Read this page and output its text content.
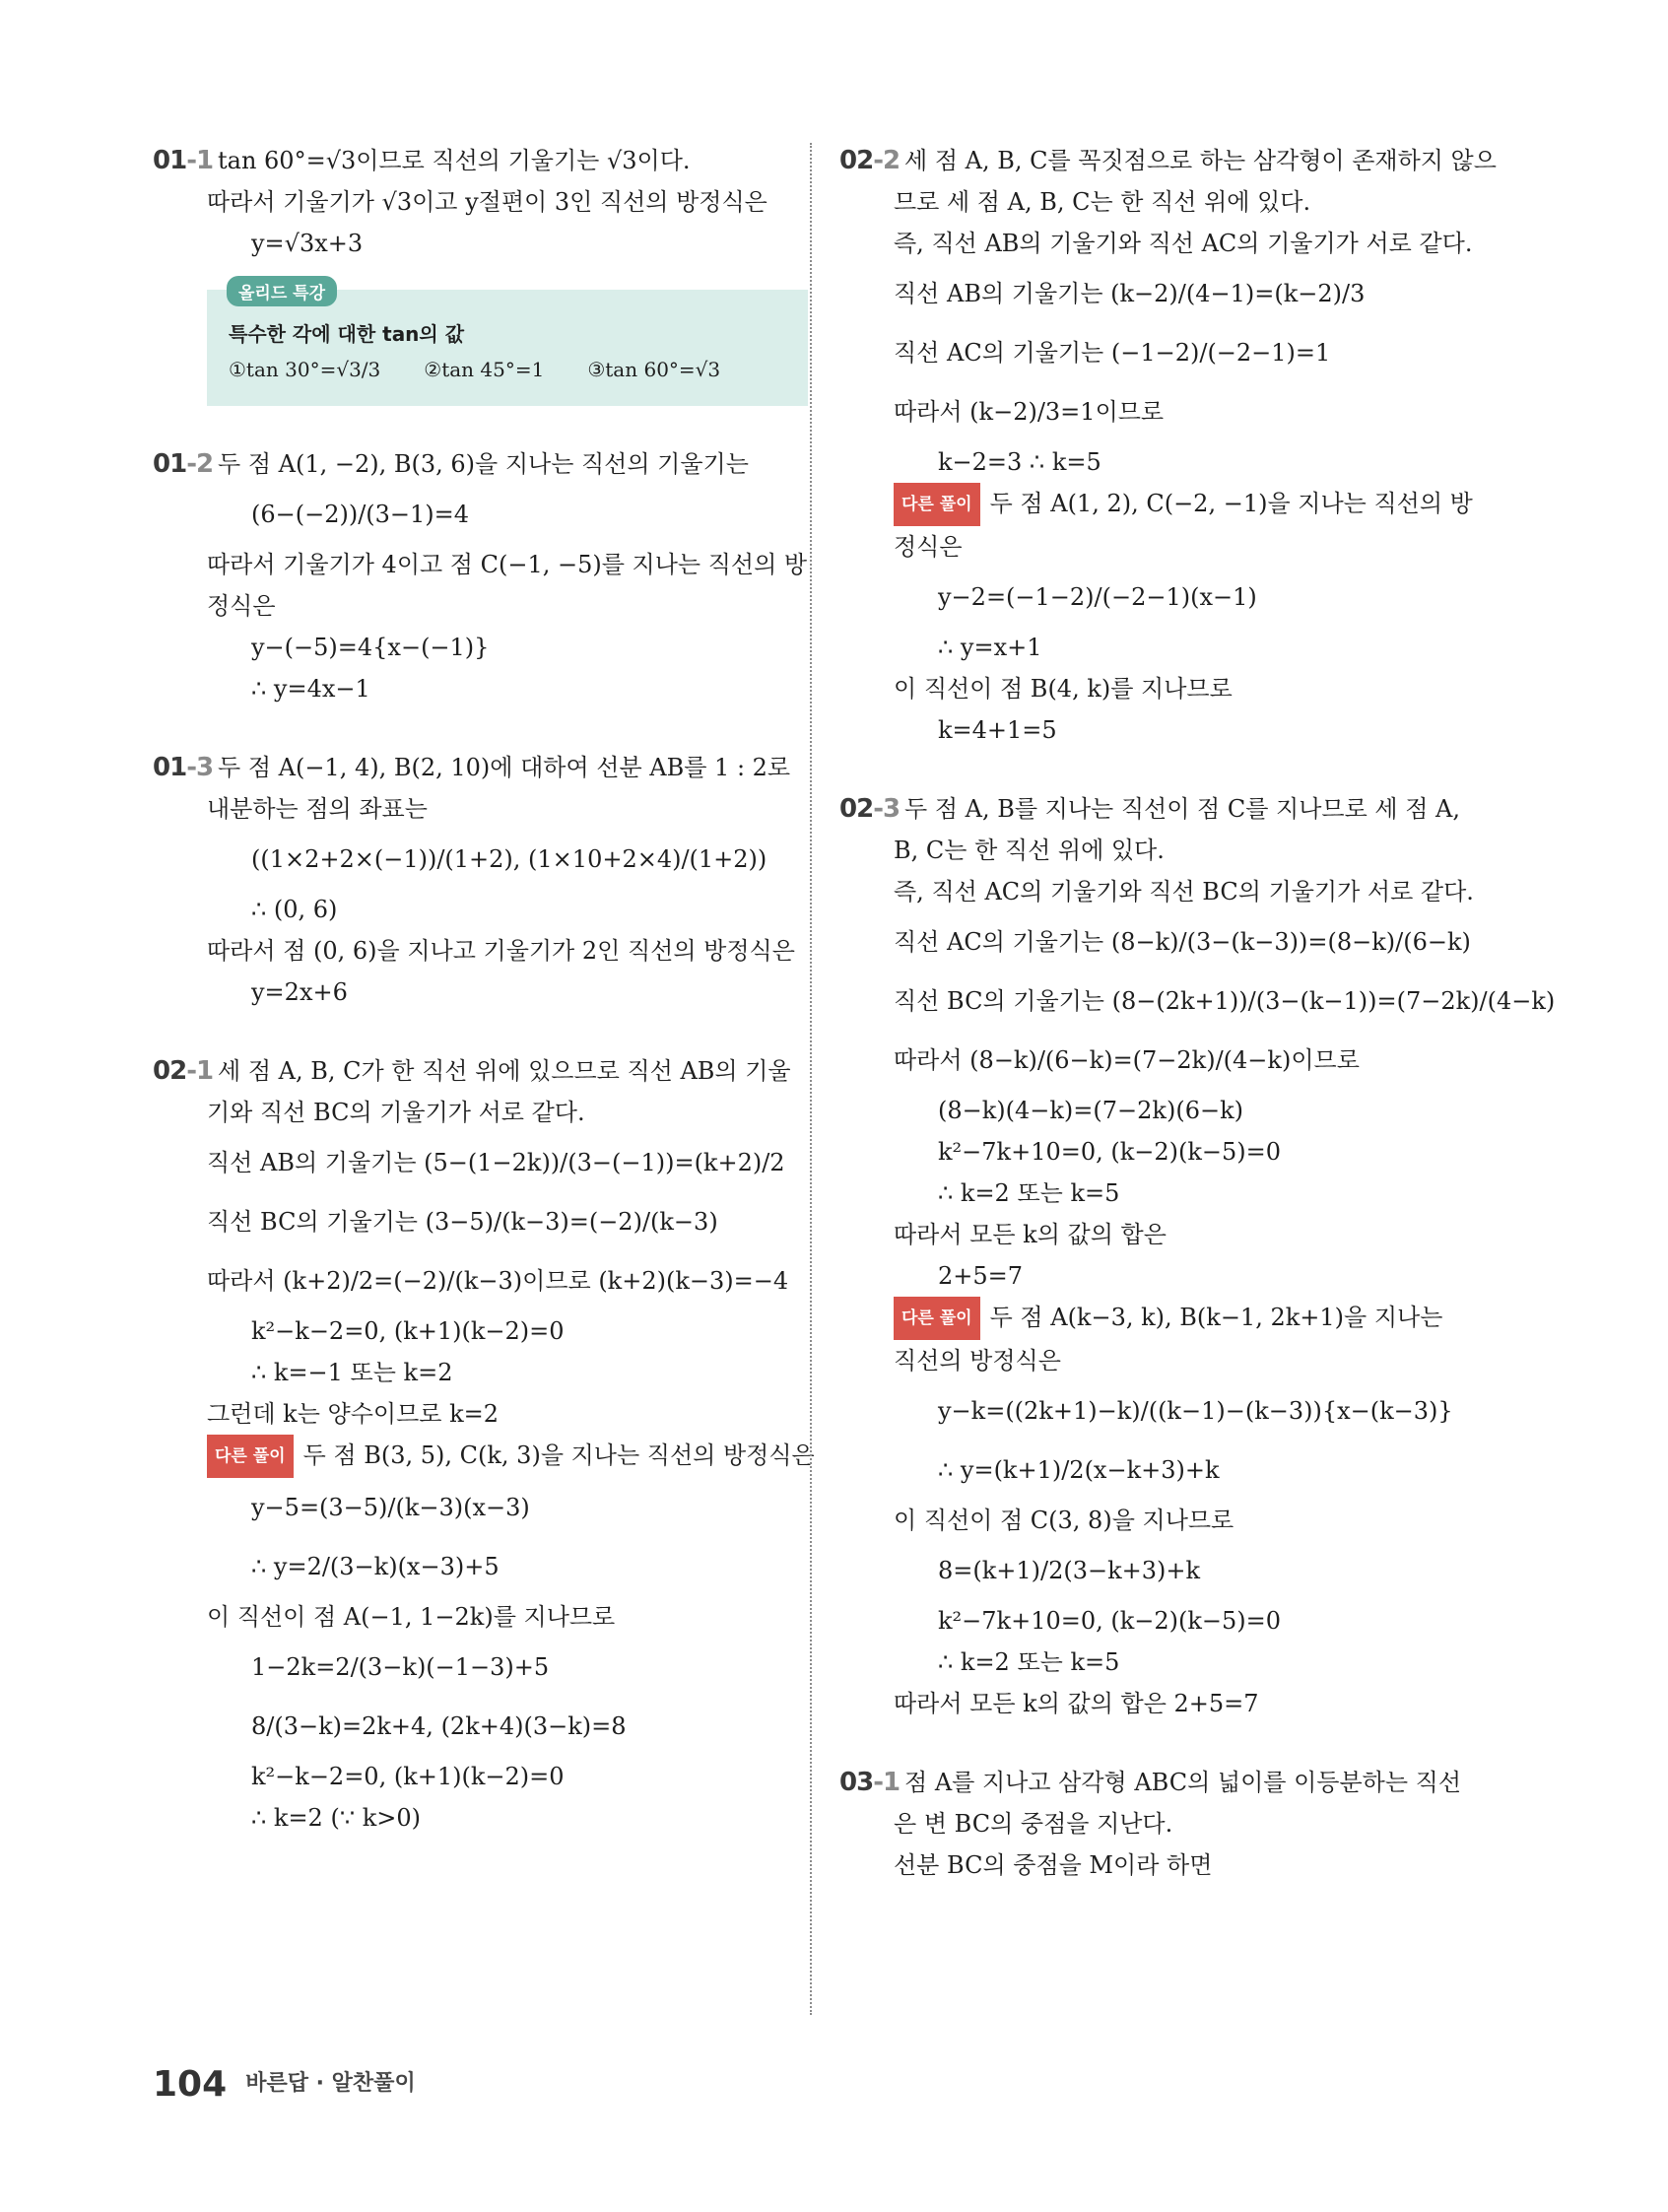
01-1 tan 60°=√3이므로 직선의 기울기는 √3이다.
따라서 기울기가 √3이고 y절편이 3인 직선의 방정식은
y=√3x+3
올리드 특강
특수한 각에 대한 tan의 값
①tan 30°=√3/3 ②tan 45°=1 ③tan 60°=√3
01-2 두 점 A(1, −2), B(3, 6)을 지나는 직선의 기울기는
(6−(−2))/(3−1)=4
따라서 기울기가 4이고 점 C(−1, −5)를 지나는 직선의 방
정식은
y−(−5)=4{x−(−1)}
∴ y=4x−1
01-3 두 점 A(−1, 4), B(2, 10)에 대하여 선분 AB를 1 : 2로
내분하는 점의 좌표는
((1×2+2×(−1))/(1+2), (1×10+2×4)/(1+2))
∴ (0, 6)
따라서 점 (0, 6)을 지나고 기울기가 2인 직선의 방정식은
y=2x+6
02-1 세 점 A, B, C가 한 직선 위에 있으므로 직선 AB의 기울
기와 직선 BC의 기울기가 서로 같다.
직선 AB의 기울기는 (5−(1−2k))/(3−(−1))=(k+2)/2
직선 BC의 기울기는 (3−5)/(k−3)=(−2)/(k−3)
따라서 (k+2)/2=(−2)/(k−3)이므로 (k+2)(k−3)=−4
k²−k−2=0, (k+1)(k−2)=0
∴ k=−1 또는 k=2
그런데 k는 양수이므로 k=2
다른 풀이 두 점 B(3, 5), C(k, 3)을 지나는 직선의 방정식은
y−5=(3−5)/(k−3)(x−3)
∴ y=2/(3−k)(x−3)+5
이 직선이 점 A(−1, 1−2k)를 지나므로
1−2k=2/(3−k)(−1−3)+5
8/(3−k)=2k+4, (2k+4)(3−k)=8
k²−k−2=0, (k+1)(k−2)=0
∴ k=2 (∵ k>0)
02-2 세 점 A, B, C를 꼭짓점으로 하는 삼각형이 존재하지 않으
므로 세 점 A, B, C는 한 직선 위에 있다.
즉, 직선 AB의 기울기와 직선 AC의 기울기가 서로 같다.
직선 AB의 기울기는 (k−2)/(4−1)=(k−2)/3
직선 AC의 기울기는 (−1−2)/(−2−1)=1
따라서 (k−2)/3=1이므로
k−2=3 ∴ k=5
다른 풀이 두 점 A(1, 2), C(−2, −1)을 지나는 직선의 방
정식은
y−2=(−1−2)/(−2−1)(x−1)
∴ y=x+1
이 직선이 점 B(4, k)를 지나므로
k=4+1=5
02-3 두 점 A, B를 지나는 직선이 점 C를 지나므로 세 점 A,
B, C는 한 직선 위에 있다.
즉, 직선 AC의 기울기와 직선 BC의 기울기가 서로 같다.
직선 AC의 기울기는 (8−k)/(3−(k−3))=(8−k)/(6−k)
직선 BC의 기울기는 (8−(2k+1))/(3−(k−1))=(7−2k)/(4−k)
따라서 (8−k)/(6−k)=(7−2k)/(4−k)이므로
(8−k)(4−k)=(7−2k)(6−k)
k²−7k+10=0, (k−2)(k−5)=0
∴ k=2 또는 k=5
따라서 모든 k의 값의 합은
2+5=7
다른 풀이 두 점 A(k−3, k), B(k−1, 2k+1)을 지나는
직선의 방정식은
y−k=((2k+1)−k)/((k−1)−(k−3)){x−(k−3)}
∴ y=(k+1)/2(x−k+3)+k
이 직선이 점 C(3, 8)을 지나므로
8=(k+1)/2(3−k+3)+k
k²−7k+10=0, (k−2)(k−5)=0
∴ k=2 또는 k=5
따라서 모든 k의 값의 합은 2+5=7
03-1 점 A를 지나고 삼각형 ABC의 넓이를 이등분하는 직선
은 변 BC의 중점을 지난다.
선분 BC의 중점을 M이라 하면
104 바른답 · 알찬풀이
